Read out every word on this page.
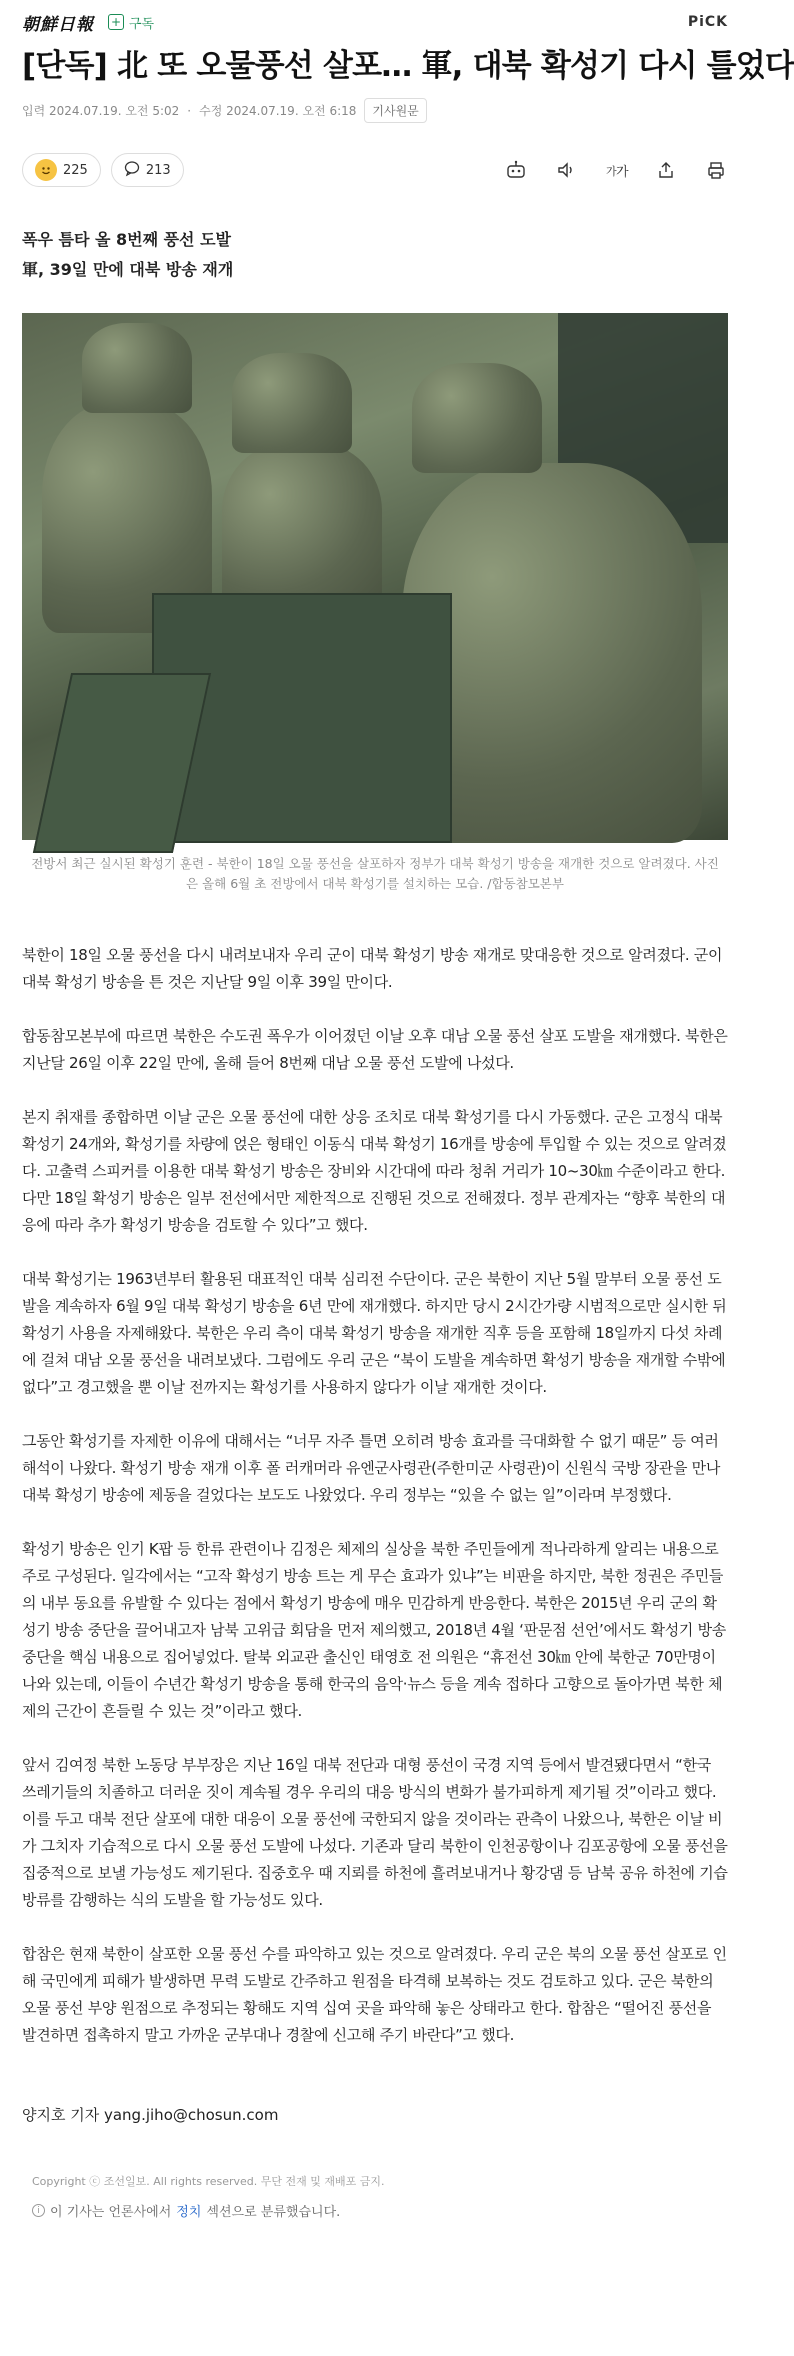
朝鮮日報 + 구독	PiCK
[단독] 北 또 오물풍선 살포… 軍, 대북 확성기 다시 틀었다
입력 2024.07.19. 오전 5:02 · 수정 2024.07.19. 오전 6:18	기사원문
225	213	가 가

폭우 틈타 올 8번째 풍선 도발

軍, 39일 만에 대북 방송 재개

전방서 최근 실시된 확성기 훈련 - 북한이 18일 오물 풍선을 살포하자 정부가 대북 확성기 방송을 재개한 것으로 알려졌다. 사진은 올해 6월 초 전방에서 대북 확성기를 설치하는 모습. /합동참모본부

북한이 18일 오물 풍선을 다시 내려보내자 우리 군이 대북 확성기 방송 재개로 맞대응한 것으로 알려졌다. 군이 대북 확성기 방송을 튼 것은 지난달 9일 이후 39일 만이다.

합동참모본부에 따르면 북한은 수도권 폭우가 이어졌던 이날 오후 대남 오물 풍선 살포 도발을 재개했다. 북한은 지난달 26일 이후 22일 만에, 올해 들어 8번째 대남 오물 풍선 도발에 나섰다.

본지 취재를 종합하면 이날 군은 오물 풍선에 대한 상응 조치로 대북 확성기를 다시 가동했다. 군은 고정식 대북 확성기 24개와, 확성기를 차량에 얹은 형태인 이동식 대북 확성기 16개를 방송에 투입할 수 있는 것으로 알려졌다. 고출력 스피커를 이용한 대북 확성기 방송은 장비와 시간대에 따라 청취 거리가 10~30㎞ 수준이라고 한다. 다만 18일 확성기 방송은 일부 전선에서만 제한적으로 진행된 것으로 전해졌다. 정부 관계자는 “향후 북한의 대응에 따라 추가 확성기 방송을 검토할 수 있다”고 했다.

대북 확성기는 1963년부터 활용된 대표적인 대북 심리전 수단이다. 군은 북한이 지난 5월 말부터 오물 풍선 도발을 계속하자 6월 9일 대북 확성기 방송을 6년 만에 재개했다. 하지만 당시 2시간가량 시범적으로만 실시한 뒤 확성기 사용을 자제해왔다. 북한은 우리 측이 대북 확성기 방송을 재개한 직후 등을 포함해 18일까지 다섯 차례에 걸쳐 대남 오물 풍선을 내려보냈다. 그럼에도 우리 군은 “북이 도발을 계속하면 확성기 방송을 재개할 수밖에 없다”고 경고했을 뿐 이날 전까지는 확성기를 사용하지 않다가 이날 재개한 것이다.

그동안 확성기를 자제한 이유에 대해서는 “너무 자주 틀면 오히려 방송 효과를 극대화할 수 없기 때문” 등 여러 해석이 나왔다. 확성기 방송 재개 이후 폴 러캐머라 유엔군사령관(주한미군 사령관)이 신원식 국방 장관을 만나 대북 확성기 방송에 제동을 걸었다는 보도도 나왔었다. 우리 정부는 “있을 수 없는 일”이라며 부정했다.

확성기 방송은 인기 K팝 등 한류 관련이나 김정은 체제의 실상을 북한 주민들에게 적나라하게 알리는 내용으로 주로 구성된다. 일각에서는 “고작 확성기 방송 트는 게 무슨 효과가 있냐”는 비판을 하지만, 북한 정권은 주민들의 내부 동요를 유발할 수 있다는 점에서 확성기 방송에 매우 민감하게 반응한다. 북한은 2015년 우리 군의 확성기 방송 중단을 끌어내고자 남북 고위급 회담을 먼저 제의했고, 2018년 4월 ‘판문점 선언’에서도 확성기 방송 중단을 핵심 내용으로 집어넣었다. 탈북 외교관 출신인 태영호 전 의원은 “휴전선 30㎞ 안에 북한군 70만명이 나와 있는데, 이들이 수년간 확성기 방송을 통해 한국의 음악·뉴스 등을 계속 접하다 고향으로 돌아가면 북한 체제의 근간이 흔들릴 수 있는 것”이라고 했다.

앞서 김여정 북한 노동당 부부장은 지난 16일 대북 전단과 대형 풍선이 국경 지역 등에서 발견됐다면서 “한국 쓰레기들의 치졸하고 더러운 짓이 계속될 경우 우리의 대응 방식의 변화가 불가피하게 제기될 것”이라고 했다. 이를 두고 대북 전단 살포에 대한 대응이 오물 풍선에 국한되지 않을 것이라는 관측이 나왔으나, 북한은 이날 비가 그치자 기습적으로 다시 오물 풍선 도발에 나섰다. 기존과 달리 북한이 인천공항이나 김포공항에 오물 풍선을 집중적으로 보낼 가능성도 제기된다. 집중호우 때 지뢰를 하천에 흘려보내거나 황강댐 등 남북 공유 하천에 기습 방류를 감행하는 식의 도발을 할 가능성도 있다.

합참은 현재 북한이 살포한 오물 풍선 수를 파악하고 있는 것으로 알려졌다. 우리 군은 북의 오물 풍선 살포로 인해 국민에게 피해가 발생하면 무력 도발로 간주하고 원점을 타격해 보복하는 것도 검토하고 있다. 군은 북한의 오물 풍선 부양 원점으로 추정되는 황해도 지역 십여 곳을 파악해 놓은 상태라고 한다. 합참은 “떨어진 풍선을 발견하면 접촉하지 말고 가까운 군부대나 경찰에 신고해 주기 바란다”고 했다.

양지호 기자 yang.jiho@chosun.com

Copyright ⓒ 조선일보. All rights reserved. 무단 전재 및 재배포 금지.

i 이 기사는 언론사에서 정치 섹션으로 분류했습니다.
